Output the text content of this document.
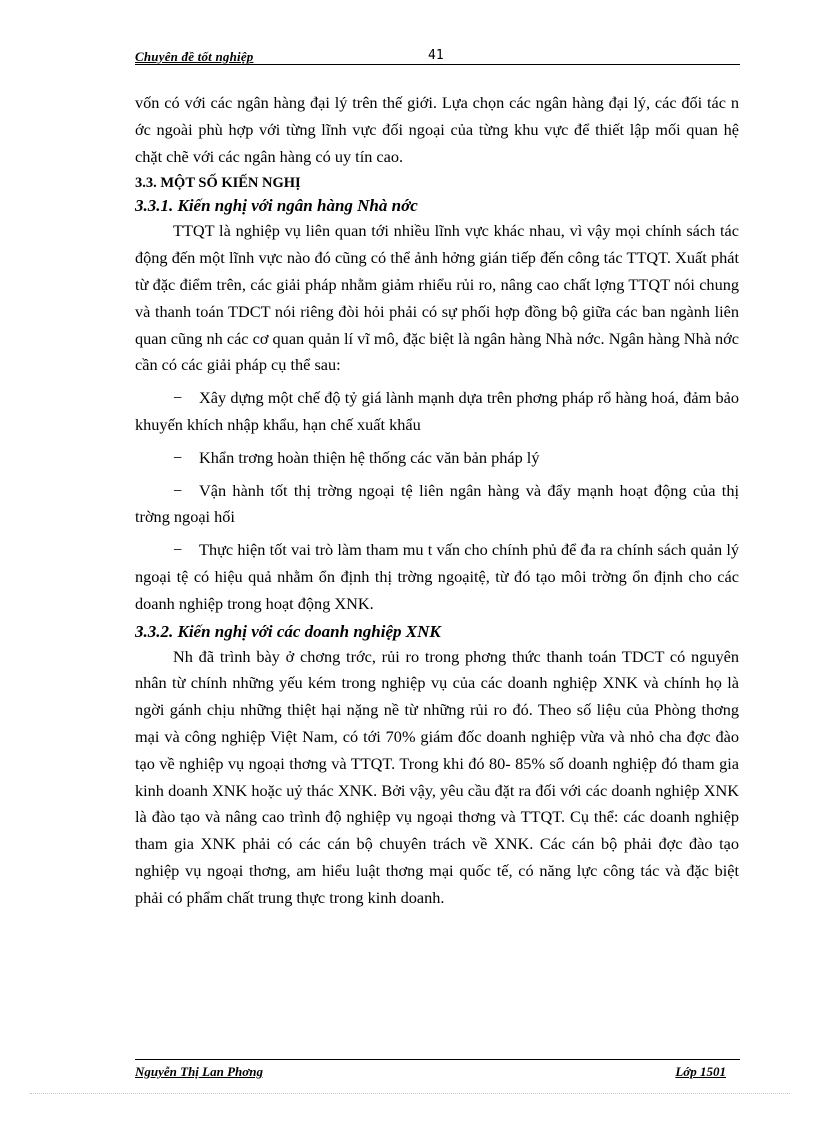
Chuyên đề tốt nghiệp	41

vốn có với các ngân hàng đại lý trên thế giới. Lựa chọn các ngân hàng đại lý, các đối tác n ớc ngoài phù hợp với từng lĩnh vực đối ngoại của từng khu vực để thiết lập mối quan hệ chặt chẽ với các ngân hàng có uy tín cao.

3.3. MỘT SỐ KIẾN NGHỊ

3.3.1. Kiến nghị với ngân hàng Nhà nớc

TTQT là nghiệp vụ liên quan tới nhiều lĩnh vực khác nhau, vì vậy mọi chính sách tác động đến một lĩnh vực nào đó cũng có thể ảnh hởng gián tiếp đến công tác TTQT. Xuất phát từ đặc điểm trên, các giải pháp nhằm giảm rhiểu rủi ro, nâng cao chất lợng TTQT nói chung và thanh toán TDCT nói riêng đòi hỏi phải có sự phối hợp đồng bộ giữa các ban ngành liên quan cũng nh các cơ quan quản lí vĩ mô, đặc biệt là ngân hàng Nhà nớc. Ngân hàng Nhà nớc cần có các giải pháp cụ thể sau:

− Xây dựng một chế độ tỷ giá lành mạnh dựa trên phơng pháp rổ hàng hoá, đảm bảo khuyến khích nhập khẩu, hạn chế xuất khẩu

− Khẩn trơng hoàn thiện hệ thống các văn bản pháp lý

− Vận hành tốt thị trờng ngoại tệ liên ngân hàng và đẩy mạnh hoạt động của thị trờng ngoại hối

− Thực hiện tốt vai trò làm tham mu t vấn cho chính phủ để đa ra chính sách quản lý ngoại tệ có hiệu quả nhằm ổn định thị trờng ngoạitệ, từ đó tạo môi trờng ổn định cho các doanh nghiệp trong hoạt động XNK.

3.3.2. Kiến nghị với các doanh nghiệp XNK

Nh đã trình bày ở chơng trớc, rủi ro trong phơng thức thanh toán TDCT có nguyên nhân từ chính những yếu kém trong nghiệp vụ của các doanh nghiệp XNK và chính họ là ngời gánh chịu những thiệt hại nặng nề từ những rủi ro đó. Theo số liệu của Phòng thơng mại và công nghiệp Việt Nam, có tới 70% giám đốc doanh nghiệp vừa và nhỏ cha đợc đào tạo về nghiệp vụ ngoại thơng và TTQT. Trong khi đó 80- 85% số doanh nghiệp đó tham gia kinh doanh XNK hoặc uỷ thác XNK. Bởi vậy, yêu cầu đặt ra đối với các doanh nghiệp XNK là đào tạo và nâng cao trình độ nghiệp vụ ngoại thơng và TTQT. Cụ thể: các doanh nghiệp tham gia XNK phải có các cán bộ chuyên trách về XNK. Các cán bộ phải đợc đào tạo nghiệp vụ ngoại thơng, am hiểu luật thơng mại quốc tế, có năng lực công tác và đặc biệt phải có phẩm chất trung thực trong kinh doanh.

Nguyễn Thị Lan Phơng	Lớp 1501
